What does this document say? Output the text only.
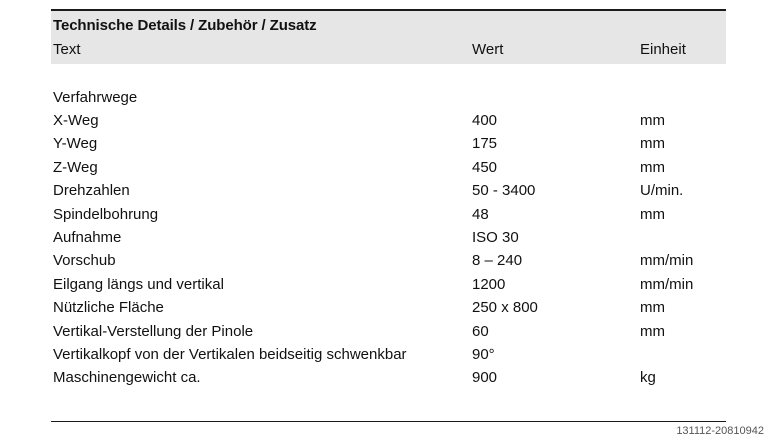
Technische Details / Zubehör / Zusatz
Text	Wert	Einheit
Verfahrwege
X-Weg	400	mm
Y-Weg	175	mm
Z-Weg	450	mm
Drehzahlen	50 - 3400	U/min.
Spindelbohrung	48	mm
Aufnahme	ISO 30
Vorschub	8 – 240	mm/min
Eilgang längs und vertikal	1200	mm/min
Nützliche Fläche	250 x 800	mm
Vertikal-Verstellung der Pinole	60	mm
Vertikalkopf von der Vertikalen beidseitig schwenkbar	90°
Maschinengewicht ca.	900	kg
131112-20810942
